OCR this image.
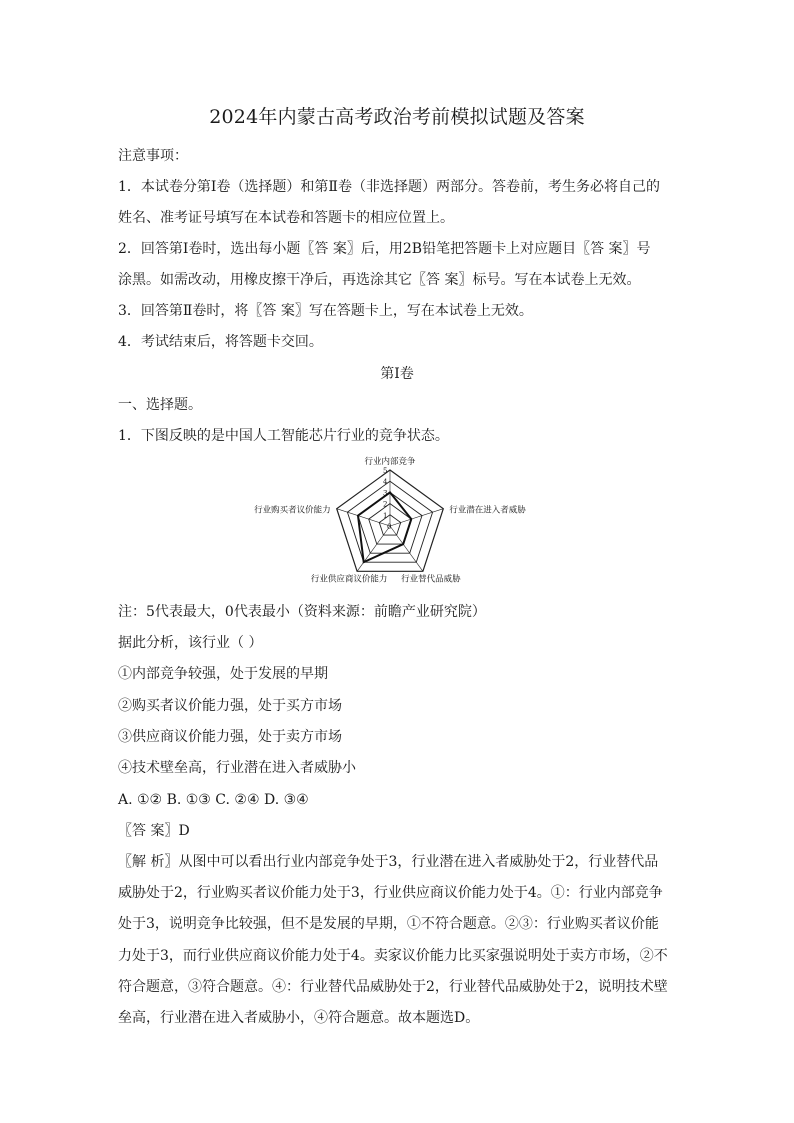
2024年内蒙古高考政治考前模拟试题及答案
注意事项：
1．本试卷分第Ⅰ卷（选择题）和第Ⅱ卷（非选择题）两部分。答卷前，考生务必将自己的
姓名、准考证号填写在本试卷和答题卡的相应位置上。
2．回答第Ⅰ卷时，选出每小题〖答 案〗后，用2B铅笔把答题卡上对应题目〖答 案〗号
涂黑。如需改动，用橡皮擦干净后，再选涂其它〖答 案〗标号。写在本试卷上无效。
3．回答第Ⅱ卷时，将〖答 案〗写在答题卡上，写在本试卷上无效。
4．考试结束后，将答题卡交回。
第Ⅰ卷
一、选择题。
1．下图反映的是中国人工智能芯片行业的竞争状态。
0
1
2
3
4
5
行业内部竞争
行业潜在进入者威胁
行业替代品威胁
行业供应商议价能力
行业购买者议价能力
注：5代表最大，0代表最小（资料来源：前瞻产业研究院）
据此分析，该行业（ ）
①内部竞争较强，处于发展的早期
②购买者议价能力强，处于买方市场
③供应商议价能力强，处于卖方市场
④技术壁垒高，行业潜在进入者威胁小
A. ①② B. ①③ C. ②④ D. ③④
〖答 案〗D
〖解 析〗从图中可以看出行业内部竞争处于3，行业潜在进入者威胁处于2，行业替代品
威胁处于2，行业购买者议价能力处于3，行业供应商议价能力处于4。①：行业内部竞争
处于3，说明竞争比较强，但不是发展的早期，①不符合题意。②③：行业购买者议价能
力处于3，而行业供应商议价能力处于4。卖家议价能力比买家强说明处于卖方市场，②不
符合题意，③符合题意。④：行业替代品威胁处于2，行业替代品威胁处于2，说明技术壁
垒高，行业潜在进入者威胁小，④符合题意。故本题选D。
